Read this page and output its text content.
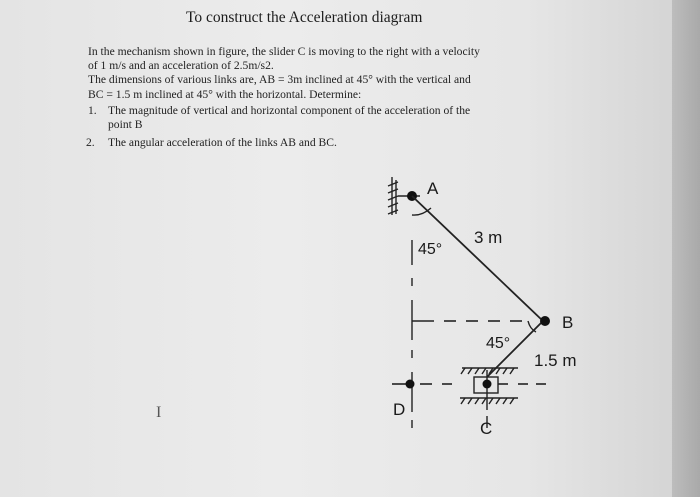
To construct the Acceleration diagram
In the mechanism shown in figure, the slider C is moving to the right with a velocity
of 1 m/s and an acceleration of 2.5m/s2.
The dimensions of various links are, AB = 3m inclined at 45° with the vertical and
BC = 1.5 m inclined at 45° with the horizontal. Determine:
1. The magnitude of vertical and horizontal component of the acceleration of the
point B
2. The angular acceleration of the links AB and BC.
A
3 m
45°
B
45°
1.5 m
D
C
I
